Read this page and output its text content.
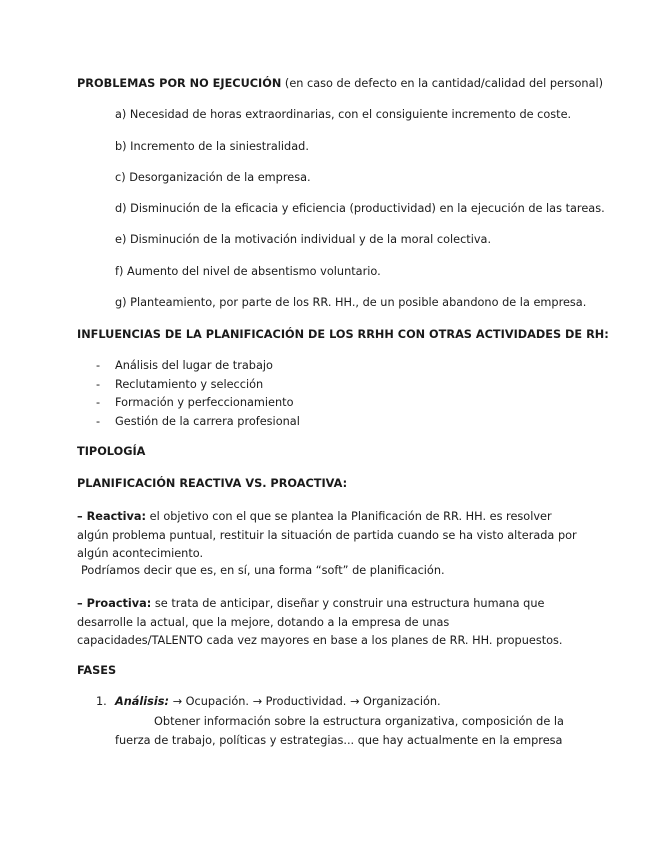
PROBLEMAS POR NO EJECUCIÓN (en caso de defecto en la cantidad/calidad del personal)
a) Necesidad de horas extraordinarias, con el consiguiente incremento de coste.
b) Incremento de la siniestralidad.
c) Desorganización de la empresa.
d) Disminución de la eficacia y eficiencia (productividad) en la ejecución de las tareas.
e) Disminución de la motivación individual y de la moral colectiva.
f) Aumento del nivel de absentismo voluntario.
g) Planteamiento, por parte de los RR. HH., de un posible abandono de la empresa.
INFLUENCIAS DE LA PLANIFICACIÓN DE LOS RRHH CON OTRAS ACTIVIDADES DE RH:
- Análisis del lugar de trabajo
- Reclutamiento y selección
- Formación y perfeccionamiento
- Gestión de la carrera profesional
TIPOLOGÍA
PLANIFICACIÓN REACTIVA VS. PROACTIVA:
– Reactiva: el objetivo con el que se plantea la Planificación de RR. HH. es resolver algún problema puntual, restituir la situación de partida cuando se ha visto alterada por algún acontecimiento.
Podríamos decir que es, en sí, una forma “soft” de planificación.
– Proactiva: se trata de anticipar, diseñar y construir una estructura humana que desarrolle la actual, que la mejore, dotando a la empresa de unas capacidades/TALENTO cada vez mayores en base a los planes de RR. HH. propuestos.
FASES
1. Análisis: → Ocupación. → Productividad. → Organización.
Obtener información sobre la estructura organizativa, composición de la fuerza de trabajo, políticas y estrategias... que hay actualmente en la empresa
